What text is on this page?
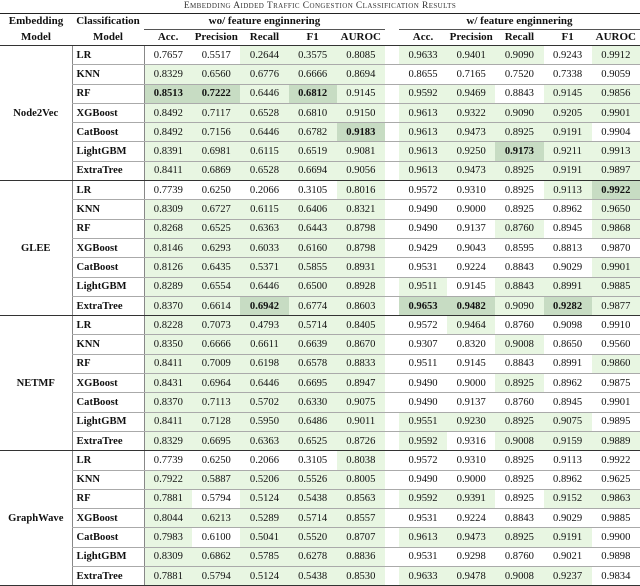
Embedding Aidded Traffic Congestion Classification Results
Embedding	Classification	wo/ feature enginnering						w/ feature enginnering				
Model	Model	Acc.	Precision	Recall	F1	AUROC		Acc.	Precision	Recall	F1	AUROC
Node2Vec	LR	0.7657	0.5517	0.2644	0.3575	0.8085		0.9633	0.9401	0.9090	0.9243	0.9912
	KNN	0.8329	0.6560	0.6776	0.6666	0.8694		0.8655	0.7165	0.7520	0.7338	0.9059
	RF	0.8513	0.7222	0.6446	0.6812	0.9145		0.9592	0.9469	0.8843	0.9145	0.9856
	XGBoost	0.8492	0.7117	0.6528	0.6810	0.9150		0.9613	0.9322	0.9090	0.9205	0.9901
	CatBoost	0.8492	0.7156	0.6446	0.6782	0.9183		0.9613	0.9473	0.8925	0.9191	0.9904
	LightGBM	0.8391	0.6981	0.6115	0.6519	0.9081		0.9613	0.9250	0.9173	0.9211	0.9913
	ExtraTree	0.8411	0.6869	0.6528	0.6694	0.9056		0.9613	0.9473	0.8925	0.9191	0.9897
GLEE	LR	0.7739	0.6250	0.2066	0.3105	0.8016		0.9572	0.9310	0.8925	0.9113	0.9922
	KNN	0.8309	0.6727	0.6115	0.6406	0.8321		0.9490	0.9000	0.8925	0.8962	0.9650
	RF	0.8268	0.6525	0.6363	0.6443	0.8798		0.9490	0.9137	0.8760	0.8945	0.9868
	XGBoost	0.8146	0.6293	0.6033	0.6160	0.8798		0.9429	0.9043	0.8595	0.8813	0.9870
	CatBoost	0.8126	0.6435	0.5371	0.5855	0.8931		0.9531	0.9224	0.8843	0.9029	0.9901
	LightGBM	0.8289	0.6554	0.6446	0.6500	0.8928		0.9511	0.9145	0.8843	0.8991	0.9885
	ExtraTree	0.8370	0.6614	0.6942	0.6774	0.8603		0.9653	0.9482	0.9090	0.9282	0.9877
NETMF	LR	0.8228	0.7073	0.4793	0.5714	0.8405		0.9572	0.9464	0.8760	0.9098	0.9910
	KNN	0.8350	0.6666	0.6611	0.6639	0.8670		0.9307	0.8320	0.9008	0.8650	0.9560
	RF	0.8411	0.7009	0.6198	0.6578	0.8833		0.9511	0.9145	0.8843	0.8991	0.9860
	XGBoost	0.8431	0.6964	0.6446	0.6695	0.8947		0.9490	0.9000	0.8925	0.8962	0.9875
	CatBoost	0.8370	0.7113	0.5702	0.6330	0.9075		0.9490	0.9137	0.8760	0.8945	0.9901
	LightGBM	0.8411	0.7128	0.5950	0.6486	0.9011		0.9551	0.9230	0.8925	0.9075	0.9895
	ExtraTree	0.8329	0.6695	0.6363	0.6525	0.8726		0.9592	0.9316	0.9008	0.9159	0.9889
GraphWave	LR	0.7739	0.6250	0.2066	0.3105	0.8038		0.9572	0.9310	0.8925	0.9113	0.9922
	KNN	0.7922	0.5887	0.5206	0.5526	0.8005		0.9490	0.9000	0.8925	0.8962	0.9625
	RF	0.7881	0.5794	0.5124	0.5438	0.8563		0.9592	0.9391	0.8925	0.9152	0.9863
	XGBoost	0.8044	0.6213	0.5289	0.5714	0.8557		0.9531	0.9224	0.8843	0.9029	0.9885
	CatBoost	0.7983	0.6100	0.5041	0.5520	0.8707		0.9613	0.9473	0.8925	0.9191	0.9900
	LightGBM	0.8309	0.6862	0.5785	0.6278	0.8836		0.9531	0.9298	0.8760	0.9021	0.9898
	ExtraTree	0.7881	0.5794	0.5124	0.5438	0.8530		0.9633	0.9478	0.9008	0.9237	0.9834
